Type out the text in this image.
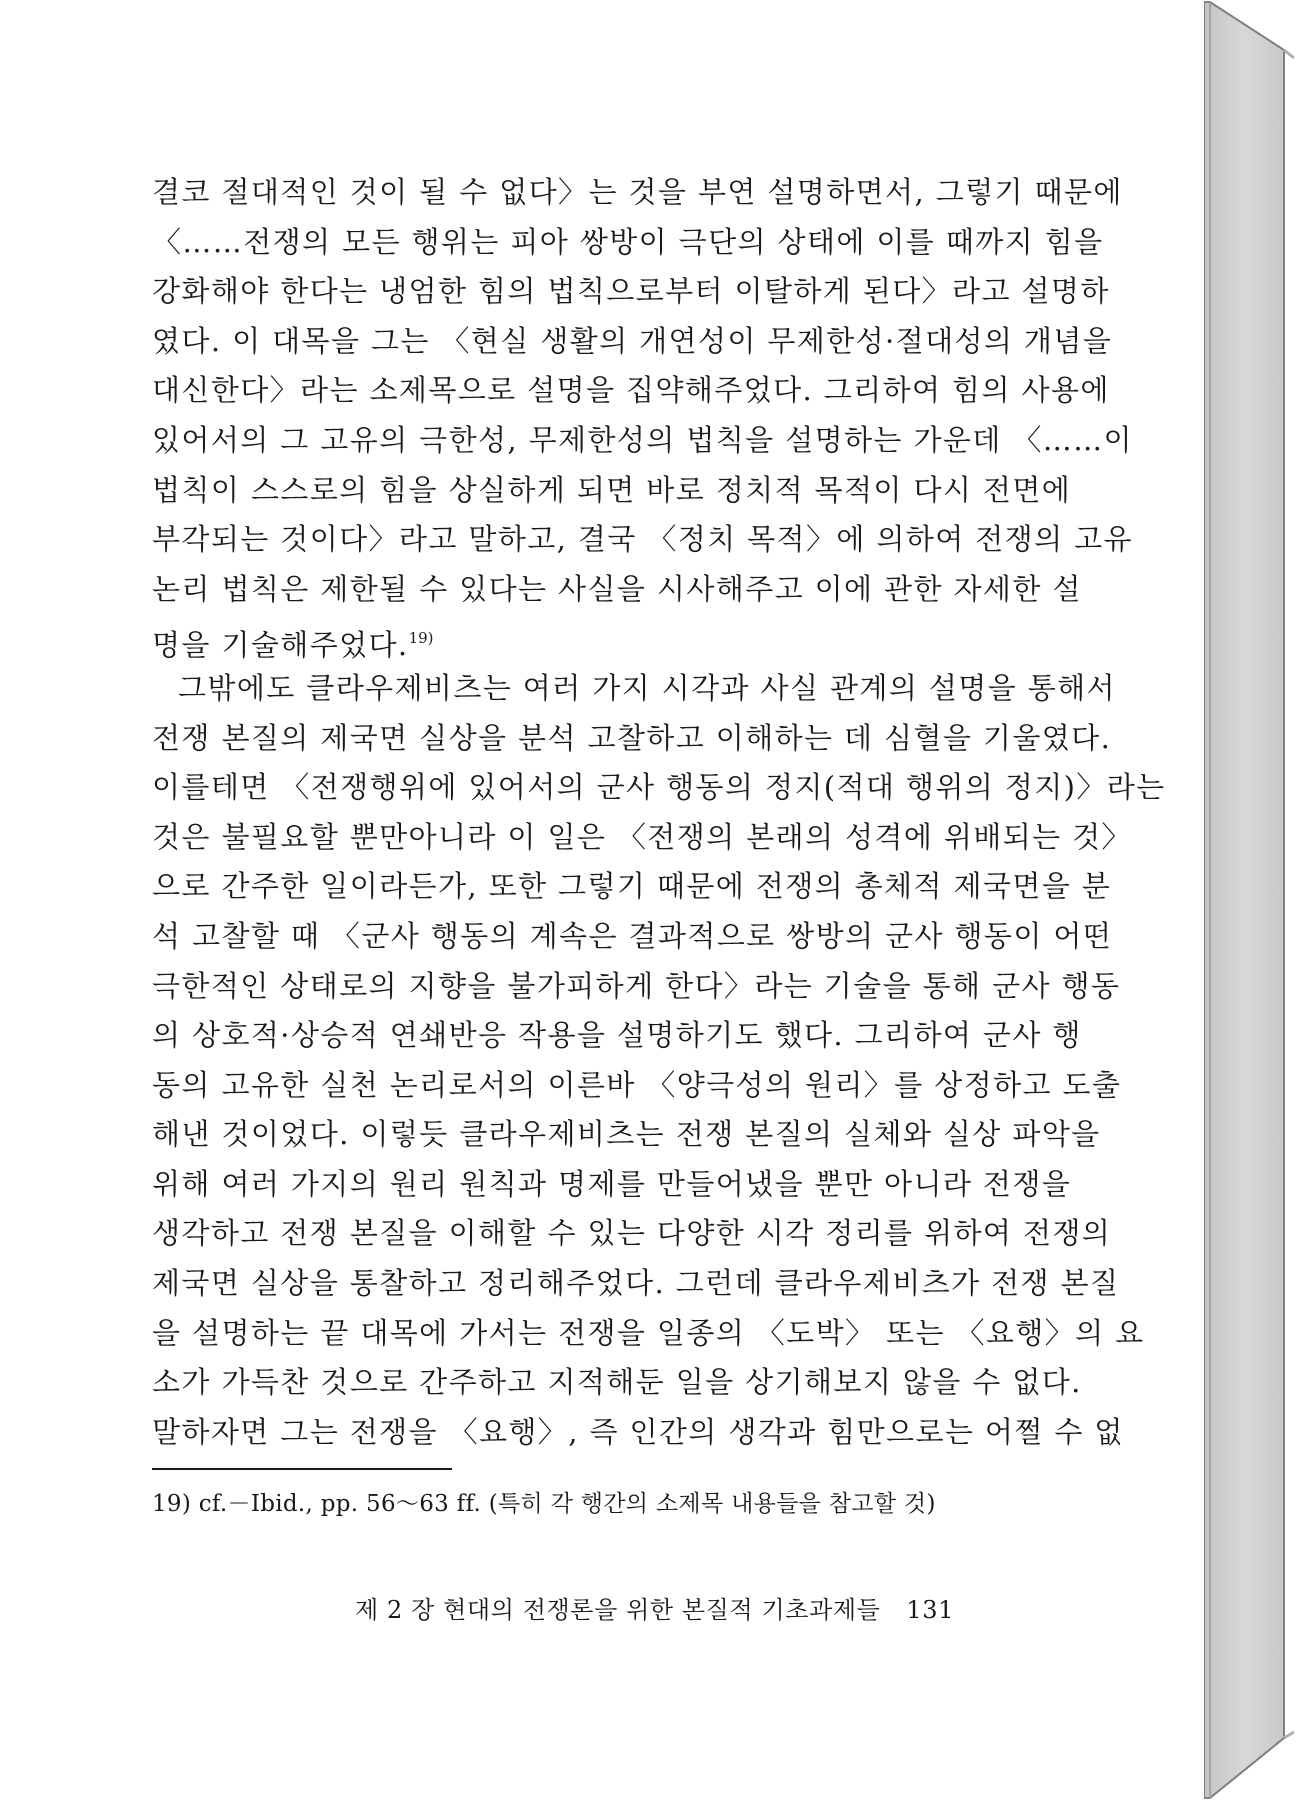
결코 절대적인 것이 될 수 없다〉는 것을 부연 설명하면서, 그렇기 때문에
〈……전쟁의 모든 행위는 피아 쌍방이 극단의 상태에 이를 때까지 힘을
강화해야 한다는 냉엄한 힘의 법칙으로부터 이탈하게 된다〉라고 설명하
였다. 이 대목을 그는 〈현실 생활의 개연성이 무제한성·절대성의 개념을
대신한다〉라는 소제목으로 설명을 집약해주었다. 그리하여 힘의 사용에
있어서의 그 고유의 극한성, 무제한성의 법칙을 설명하는 가운데 〈……이
법칙이 스스로의 힘을 상실하게 되면 바로 정치적 목적이 다시 전면에
부각되는 것이다〉라고 말하고, 결국 〈정치 목적〉에 의하여 전쟁의 고유
논리 법칙은 제한될 수 있다는 사실을 시사해주고 이에 관한 자세한 설
명을 기술해주었다.$^{19)}$
그밖에도 클라우제비츠는 여러 가지 시각과 사실 관계의 설명을 통해서
전쟁 본질의 제국면 실상을 분석 고찰하고 이해하는 데 심혈을 기울였다.
이를테면 〈전쟁행위에 있어서의 군사 행동의 정지(적대 행위의 정지)〉라는
것은 불필요할 뿐만아니라 이 일은 〈전쟁의 본래의 성격에 위배되는 것〉
으로 간주한 일이라든가, 또한 그렇기 때문에 전쟁의 총체적 제국면을 분
석 고찰할 때 〈군사 행동의 계속은 결과적으로 쌍방의 군사 행동이 어떤
극한적인 상태로의 지향을 불가피하게 한다〉라는 기술을 통해 군사 행동
의 상호적·상승적 연쇄반응 작용을 설명하기도 했다. 그리하여 군사 행
동의 고유한 실천 논리로서의 이른바 〈양극성의 원리〉를 상정하고 도출
해낸 것이었다. 이렇듯 클라우제비츠는 전쟁 본질의 실체와 실상 파악을
위해 여러 가지의 원리 원칙과 명제를 만들어냈을 뿐만 아니라 전쟁을
생각하고 전쟁 본질을 이해할 수 있는 다양한 시각 정리를 위하여 전쟁의
제국면 실상을 통찰하고 정리해주었다. 그런데 클라우제비츠가 전쟁 본질
을 설명하는 끝 대목에 가서는 전쟁을 일종의 〈도박〉 또는 〈요행〉의 요
소가 가득찬 것으로 간주하고 지적해둔 일을 상기해보지 않을 수 없다.
말하자면 그는 전쟁을 〈요행〉, 즉 인간의 생각과 힘만으로는 어쩔 수 없
19) cf.－Ibid., pp. 56～63 ff. (특히 각 행간의 소제목 내용들을 참고할 것)
제 2 장 현대의 전쟁론을 위한 본질적 기초과제들 131
